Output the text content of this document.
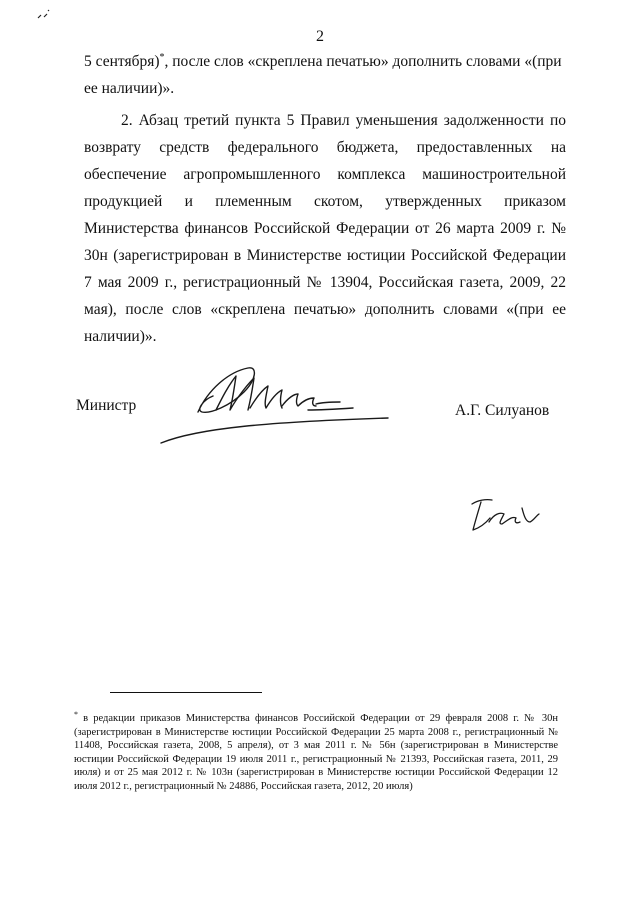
2

5 сентября)*, после слов «скреплена печатью» дополнить словами «(при ее наличии)».

2. Абзац третий пункта 5 Правил уменьшения задолженности по возврату средств федерального бюджета, предоставленных на обеспечение агропромышленного комплекса машиностроительной продукцией и племенным скотом, утвержденных приказом Министерства финансов Российской Федерации от 26 марта 2009 г. № 30н (зарегистрирован в Министерстве юстиции Российской Федерации 7 мая 2009 г., регистрационный № 13904, Российская газета, 2009, 22 мая), после слов «скреплена печатью» дополнить словами «(при ее наличии)».

Министр	А.Г. Силуанов

* в редакции приказов Министерства финансов Российской Федерации от 29 февраля 2008 г. № 30н (зарегистрирован в Министерстве юстиции Российской Федерации 25 марта 2008 г., регистрационный № 11408, Российская газета, 2008, 5 апреля), от 3 мая 2011 г. № 56н (зарегистрирован в Министерстве юстиции Российской Федерации 19 июля 2011 г., регистрационный № 21393, Российская газета, 2011, 29 июля) и от 25 мая 2012 г. № 103н (зарегистрирован в Министерстве юстиции Российской Федерации 12 июля 2012 г., регистрационный № 24886, Российская газета, 2012, 20 июля)
